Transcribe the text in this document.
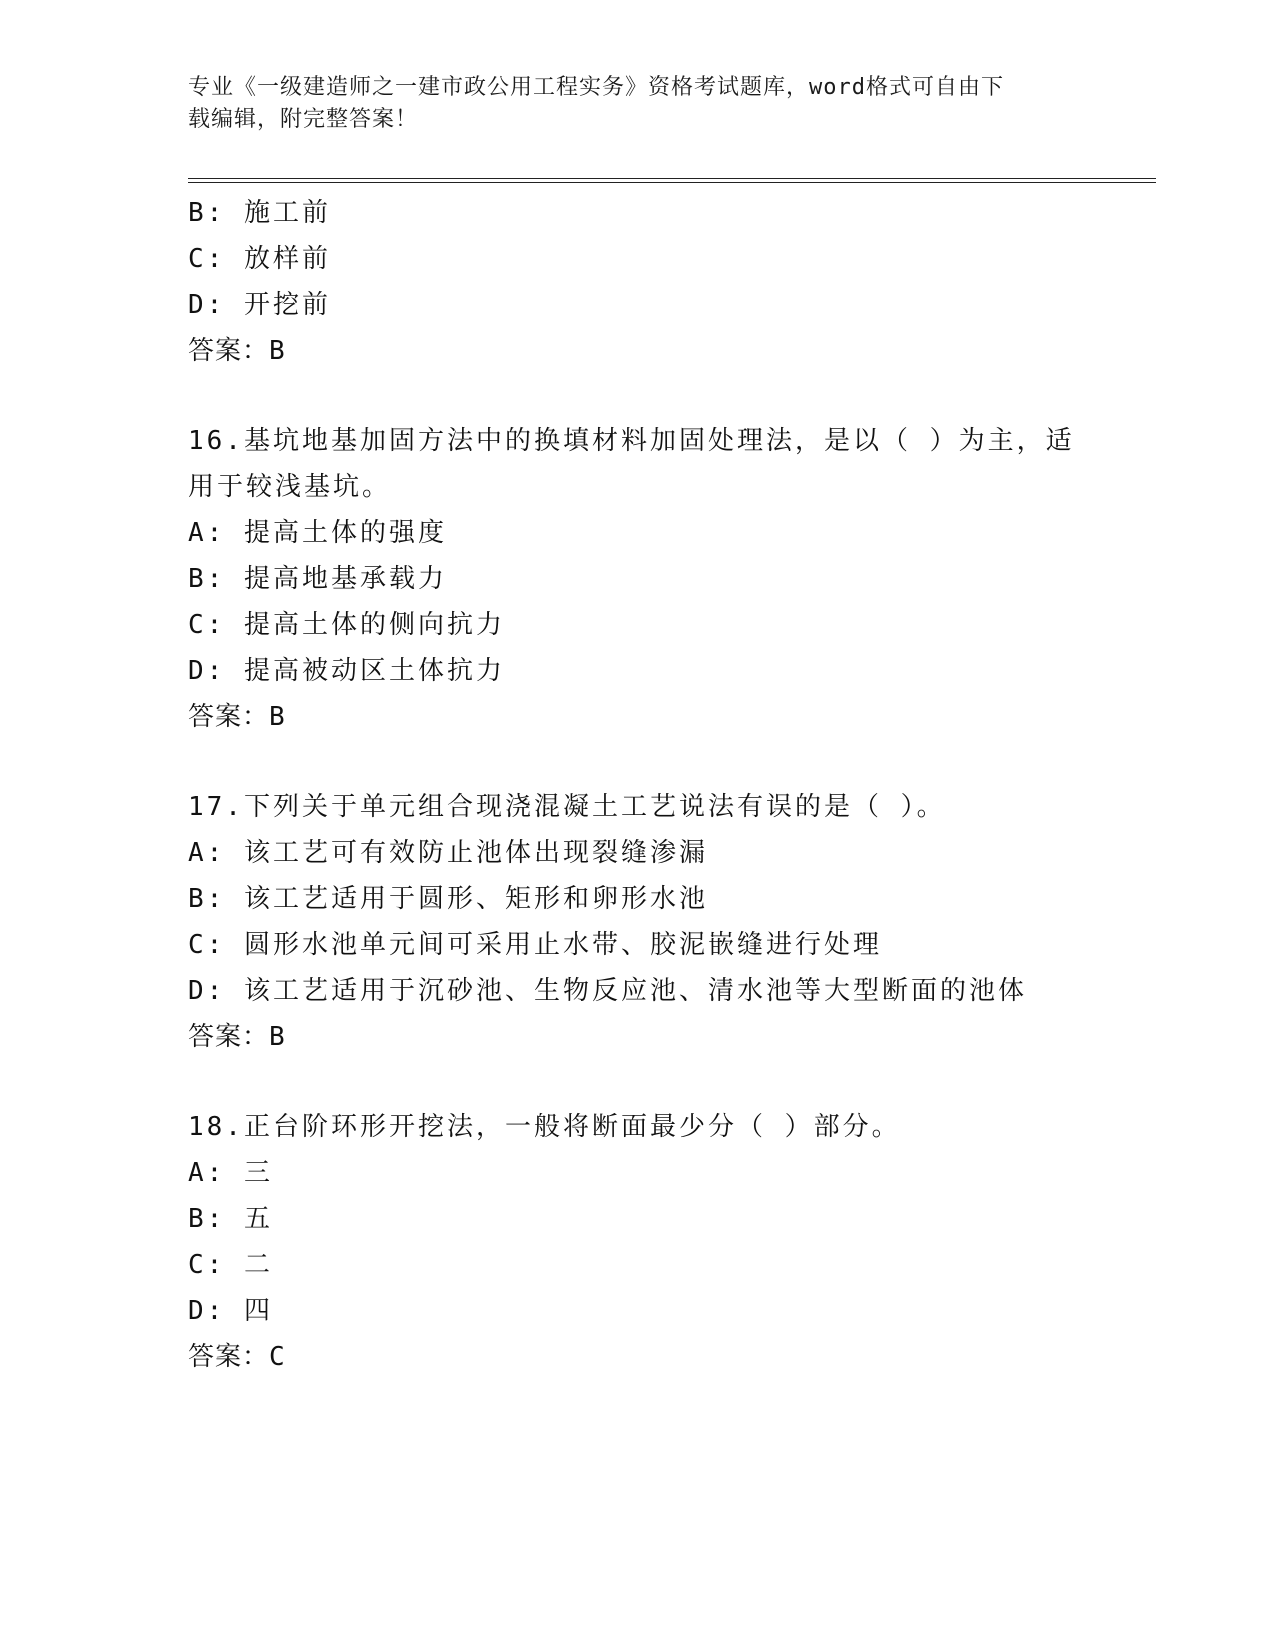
专业《一级建造师之一建市政公用工程实务》资格考试题库，word格式可自由下
载编辑，附完整答案！
B: 施工前
C: 放样前
D: 开挖前
答案：B
16.基坑地基加固方法中的换填材料加固处理法，是以（ ）为主，适
用于较浅基坑。
A: 提高土体的强度
B: 提高地基承载力
C: 提高土体的侧向抗力
D: 提高被动区土体抗力
答案：B
17.下列关于单元组合现浇混凝土工艺说法有误的是（ ）。
A: 该工艺可有效防止池体出现裂缝渗漏
B: 该工艺适用于圆形、矩形和卵形水池
C: 圆形水池单元间可采用止水带、胶泥嵌缝进行处理
D: 该工艺适用于沉砂池、生物反应池、清水池等大型断面的池体
答案：B
18.正台阶环形开挖法，一般将断面最少分（ ）部分。
A: 三
B: 五
C: 二
D: 四
答案：C
